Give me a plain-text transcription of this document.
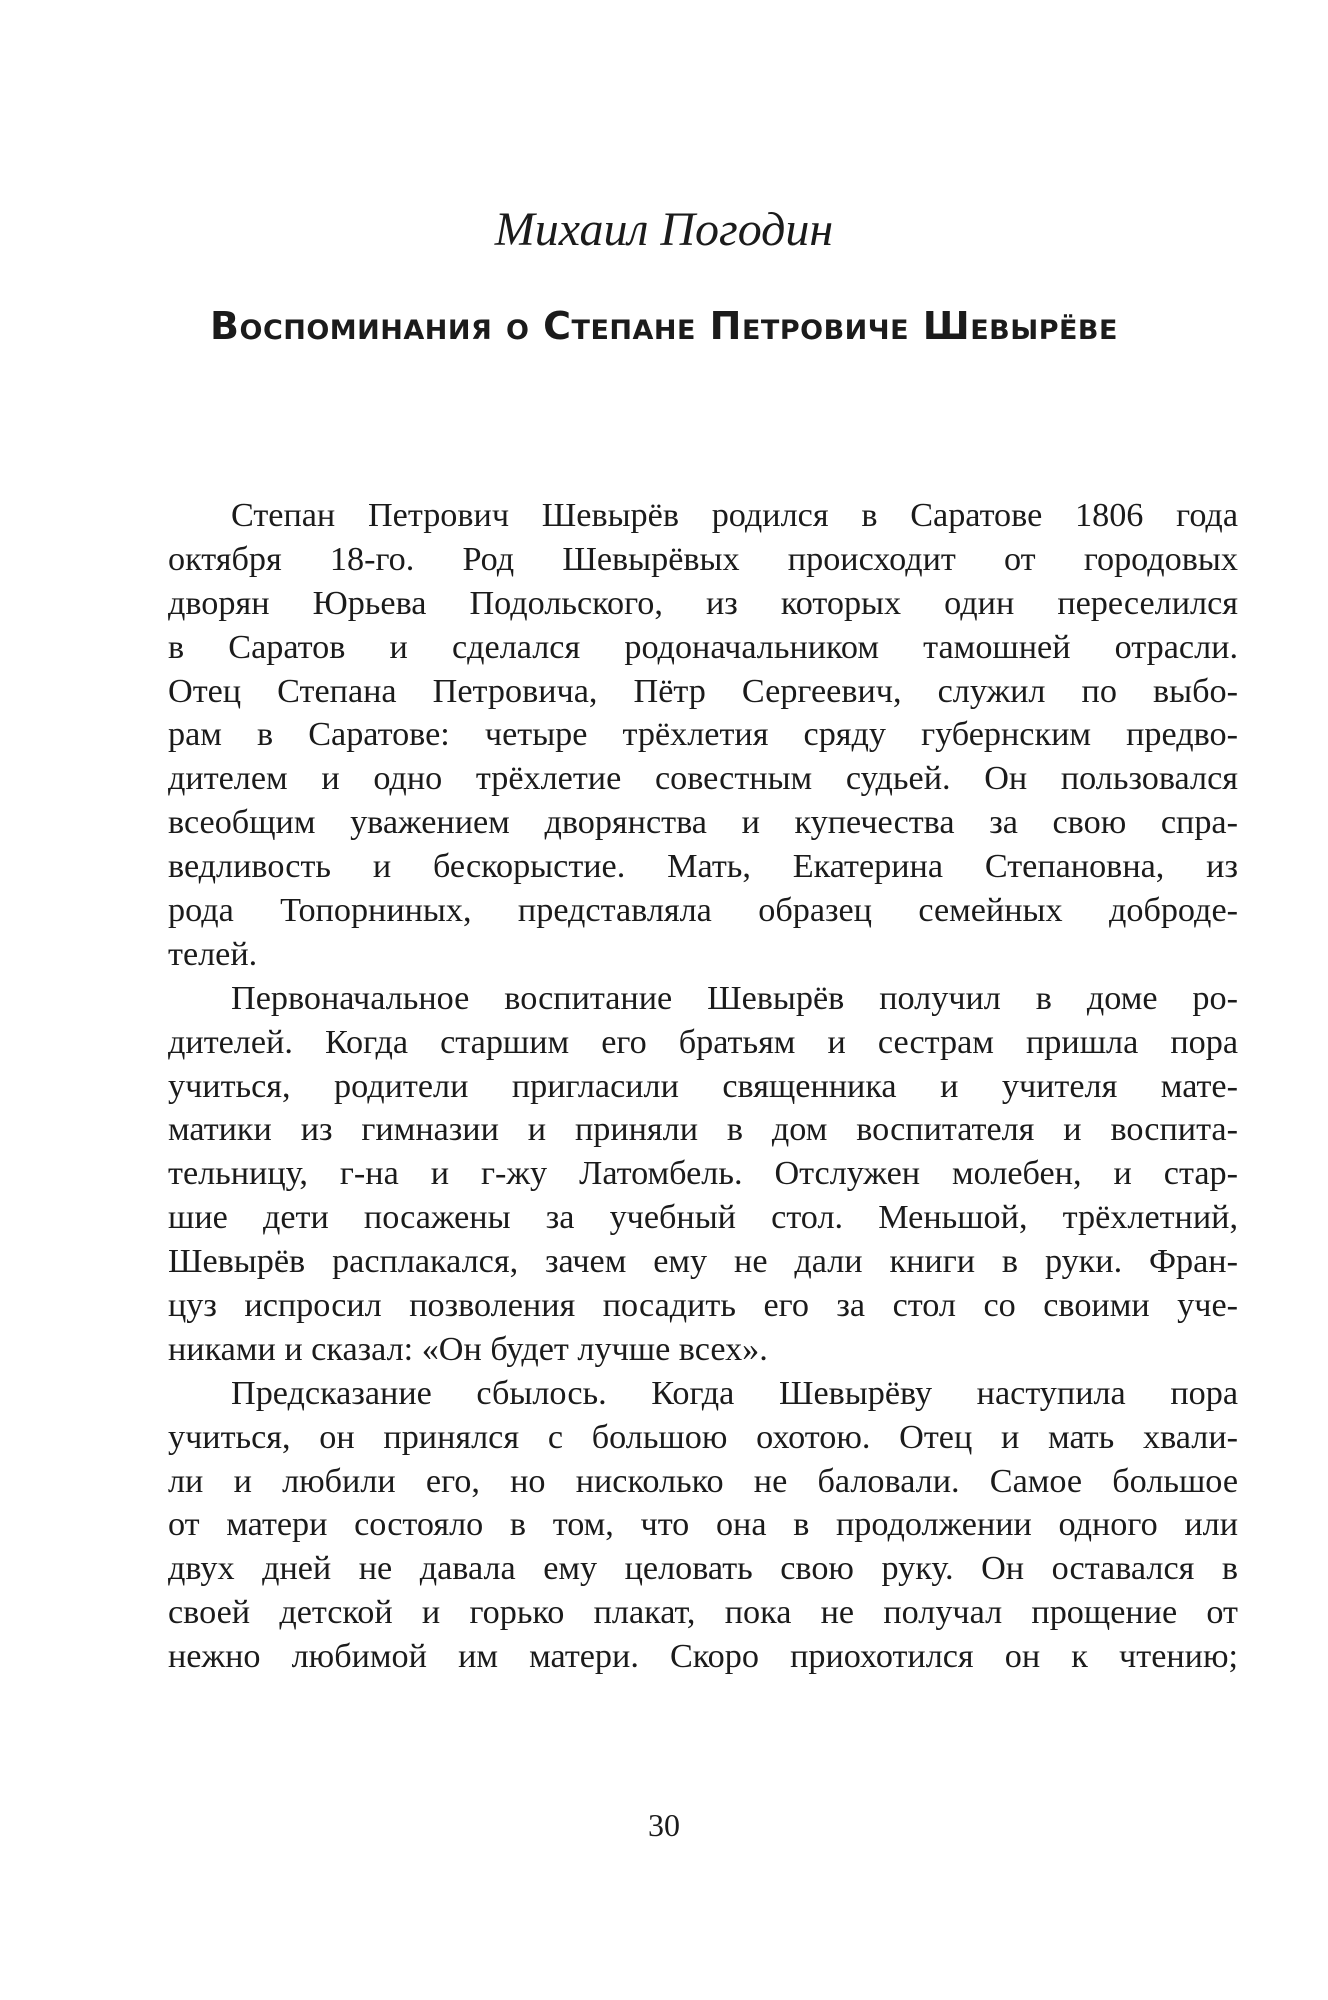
Михаил Погодин
Воспоминания о Степане Петровиче Шевырёве
Степан Петрович Шевырёв родился в Саратове 1806 года
октября 18-го. Род Шевырёвых происходит от городовых
дворян Юрьева Подольского, из которых один переселился
в Саратов и сделался родоначальником тамошней отрасли.
Отец Степана Петровича, Пётр Сергеевич, служил по выбо-
рам в Саратове: четыре трёхлетия сряду губернским предво-
дителем и одно трёхлетие совестным судьей. Он пользовался
всеобщим уважением дворянства и купечества за свою спра-
ведливость и бескорыстие. Мать, Екатерина Степановна, из
рода Топорниных, представляла образец семейных доброде-
телей.
Первоначальное воспитание Шевырёв получил в доме ро-
дителей. Когда старшим его братьям и сестрам пришла пора
учиться, родители пригласили священника и учителя мате-
матики из гимназии и приняли в дом воспитателя и воспита-
тельницу, г-на и г-жу Латомбель. Отслужен молебен, и стар-
шие дети посажены за учебный стол. Меньшой, трёхлетний,
Шевырёв расплакался, зачем ему не дали книги в руки. Фран-
цуз испросил позволения посадить его за стол со своими уче-
никами и сказал: «Он будет лучше всех».
Предсказание сбылось. Когда Шевырёву наступила пора
учиться, он принялся с большою охотою. Отец и мать хвали-
ли и любили его, но нисколько не баловали. Самое большое
от матери состояло в том, что она в продолжении одного или
двух дней не давала ему целовать свою руку. Он оставался в
своей детской и горько плакат, пока не получал прощение от
нежно любимой им матери. Скоро приохотился он к чтению;
30
